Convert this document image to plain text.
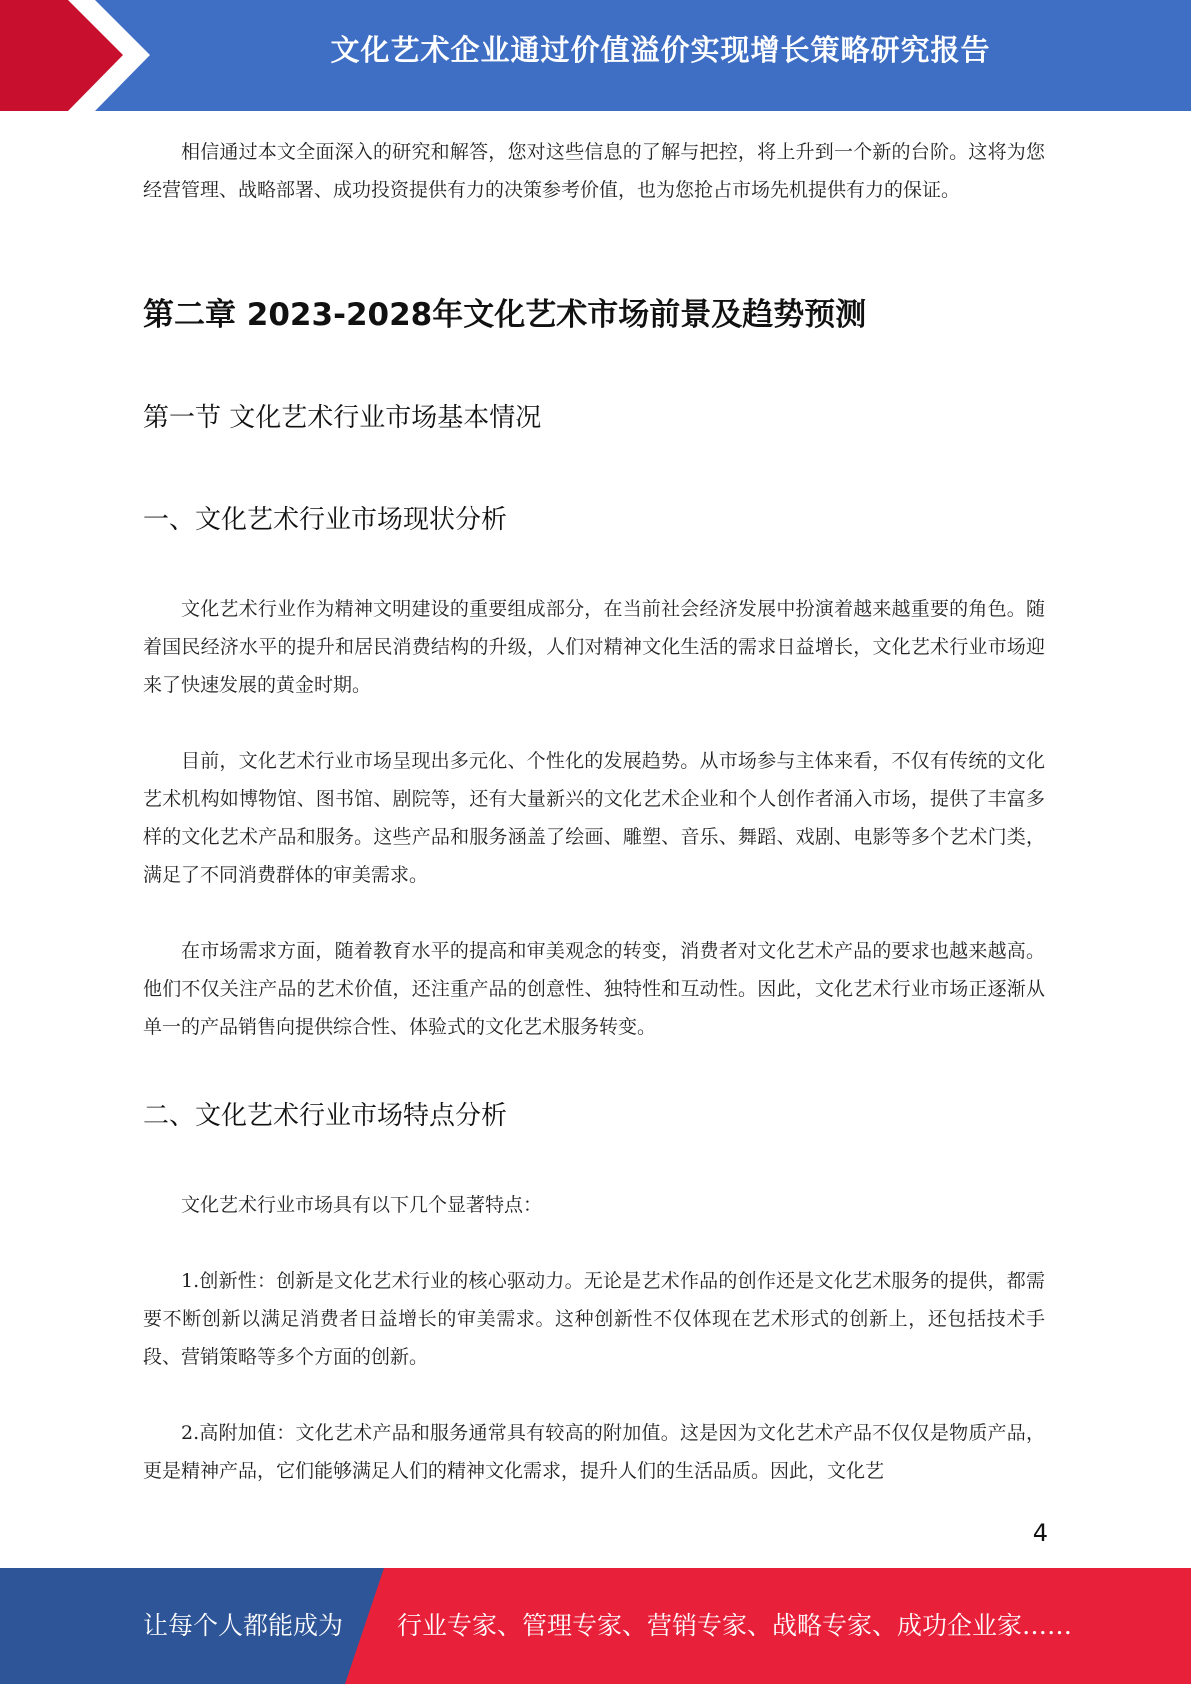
文化艺术企业通过价值溢价实现增长策略研究报告

相信通过本文全面深入的研究和解答，您对这些信息的了解与把控，将上升到一个新的台阶。这将为您经营管理、战略部署、成功投资提供有力的决策参考价值，也为您抢占市场先机提供有力的保证。

第二章 2023-2028年文化艺术市场前景及趋势预测
第一节 文化艺术行业市场基本情况
一、文化艺术行业市场现状分析

文化艺术行业作为精神文明建设的重要组成部分，在当前社会经济发展中扮演着越来越重要的角色。随着国民经济水平的提升和居民消费结构的升级，人们对精神文化生活的需求日益增长，文化艺术行业市场迎来了快速发展的黄金时期。

目前，文化艺术行业市场呈现出多元化、个性化的发展趋势。从市场参与主体来看，不仅有传统的文化艺术机构如博物馆、图书馆、剧院等，还有大量新兴的文化艺术企业和个人创作者涌入市场，提供了丰富多样的文化艺术产品和服务。这些产品和服务涵盖了绘画、雕塑、音乐、舞蹈、戏剧、电影等多个艺术门类，满足了不同消费群体的审美需求。

在市场需求方面，随着教育水平的提高和审美观念的转变，消费者对文化艺术产品的要求也越来越高。他们不仅关注产品的艺术价值，还注重产品的创意性、独特性和互动性。因此，文化艺术行业市场正逐渐从单一的产品销售向提供综合性、体验式的文化艺术服务转变。

二、文化艺术行业市场特点分析

文化艺术行业市场具有以下几个显著特点：

1.创新性：创新是文化艺术行业的核心驱动力。无论是艺术作品的创作还是文化艺术服务的提供，都需要不断创新以满足消费者日益增长的审美需求。这种创新性不仅体现在艺术形式的创新上，还包括技术手段、营销策略等多个方面的创新。

2.高附加值：文化艺术产品和服务通常具有较高的附加值。这是因为文化艺术产品不仅仅是物质产品，更是精神产品，它们能够满足人们的精神文化需求，提升人们的生活品质。因此，文化艺

4
让每个人都能成为 行业专家、管理专家、营销专家、战略专家、成功企业家……
